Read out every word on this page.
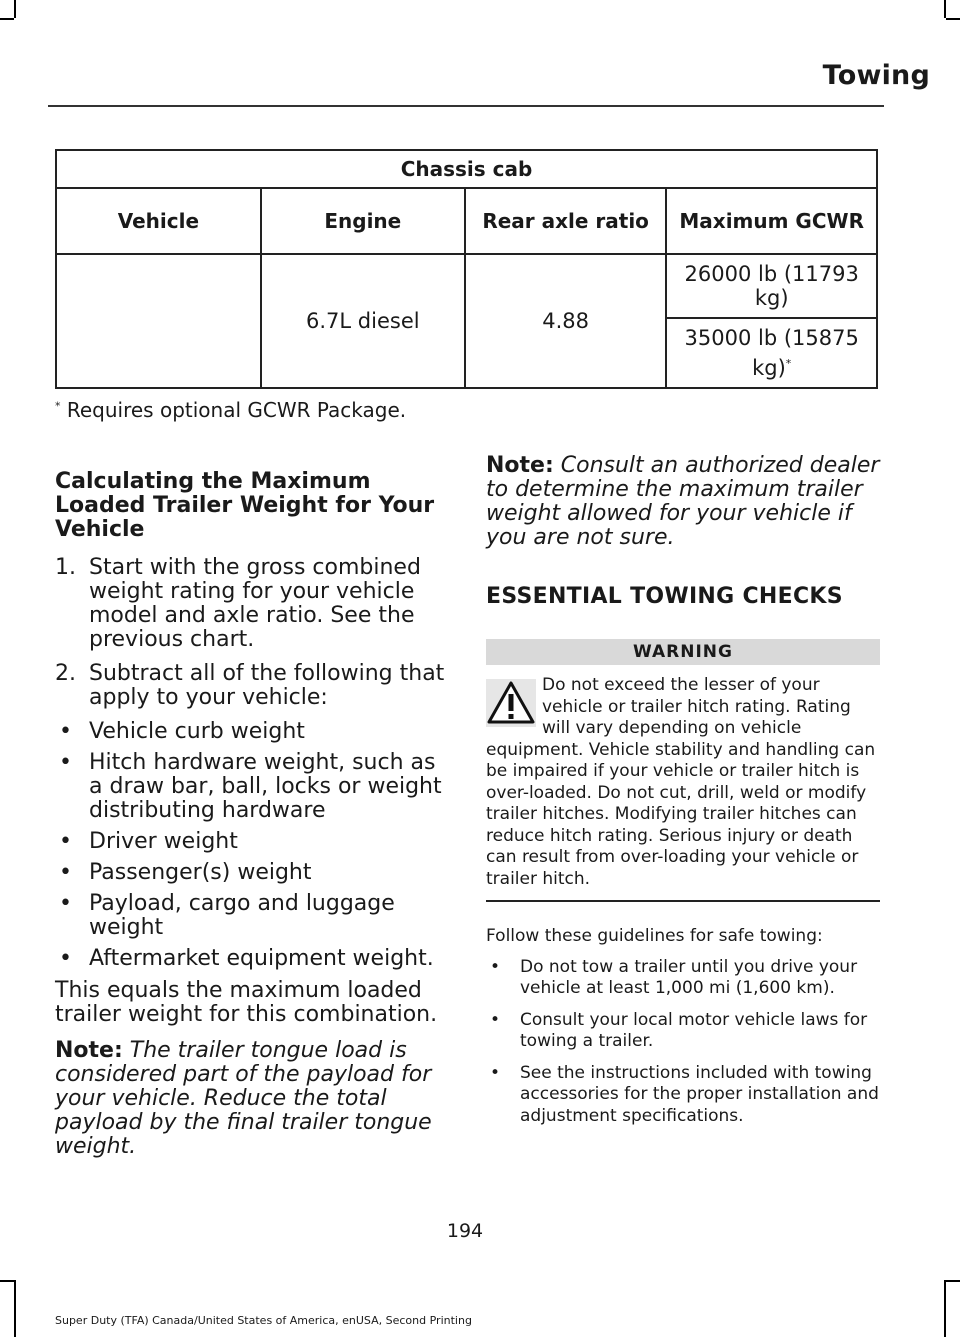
Towing
Chassis cab			
Vehicle	Engine	Rear axle ratio	Maximum GCWR
	6.7L diesel	4.88	26000 lb (11793 kg)
			35000 lb (15875 kg)*
* Requires optional GCWR Package.
Calculating the Maximum Loaded Trailer Weight for Your Vehicle
1. Start with the gross combined weight rating for your vehicle model and axle ratio. See the previous chart.
2. Subtract all of the following that apply to your vehicle:
• Vehicle curb weight
• Hitch hardware weight, such as a draw bar, ball, locks or weight distributing hardware
• Driver weight
• Passenger(s) weight
• Payload, cargo and luggage weight
• Aftermarket equipment weight.

This equals the maximum loaded trailer weight for this combination.

Note: The trailer tongue load is considered part of the payload for your vehicle. Reduce the total payload by the final trailer tongue weight.

Note: Consult an authorized dealer to determine the maximum trailer weight allowed for your vehicle if you are not sure.

ESSENTIAL TOWING CHECKS
WARNING
Do not exceed the lesser of your vehicle or trailer hitch rating. Rating will vary depending on vehicle equipment. Vehicle stability and handling can be impaired if your vehicle or trailer hitch is over-loaded. Do not cut, drill, weld or modify trailer hitches. Modifying trailer hitches can reduce hitch rating. Serious injury or death can result from over-loading your vehicle or trailer hitch.

Follow these guidelines for safe towing:

• Do not tow a trailer until you drive your vehicle at least 1,000 mi (1,600 km).
• Consult your local motor vehicle laws for towing a trailer.
• See the instructions included with towing accessories for the proper installation and adjustment specifications.
194
Super Duty (TFA) Canada/United States of America, enUSA, Second Printing
